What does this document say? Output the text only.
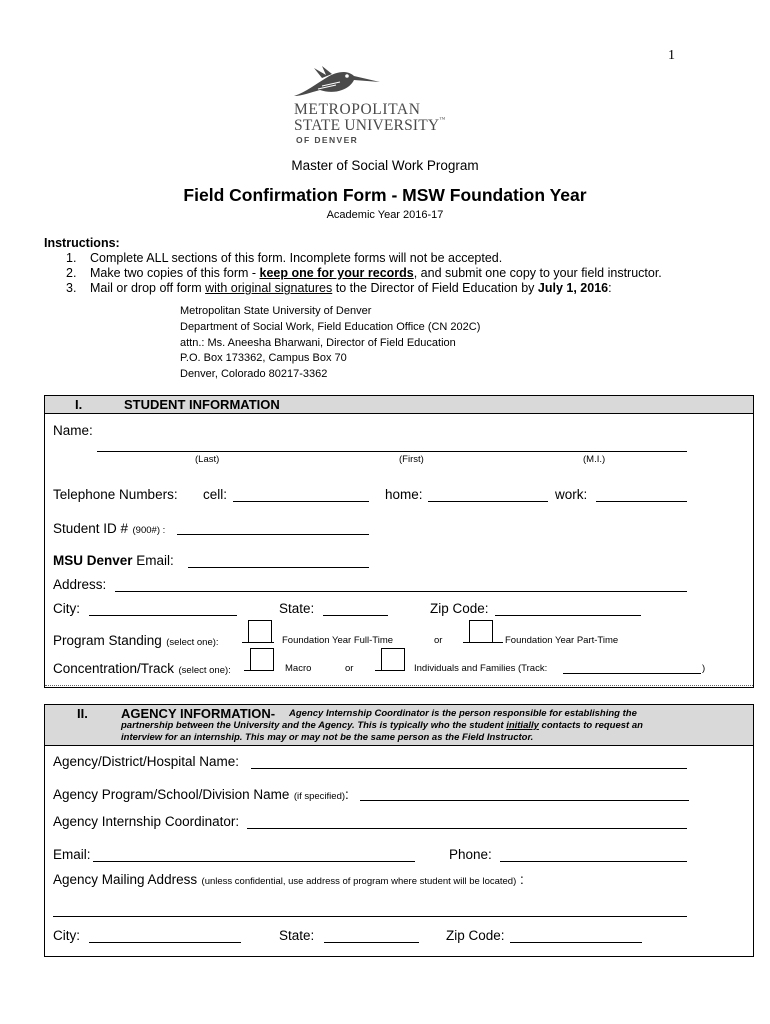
1
METROPOLITAN
STATE UNIVERSITY™
OF DENVER
Master of Social Work Program
Field Confirmation Form - MSW Foundation Year
Academic Year 2016-17
Instructions:
1. Complete ALL sections of this form. Incomplete forms will not be accepted.
2. Make two copies of this form - keep one for your records, and submit one copy to your field instructor.
3. Mail or drop off form with original signatures to the Director of Field Education by July 1, 2016:
Metropolitan State University of Denver
Department of Social Work, Field Education Office (CN 202C)
attn.: Ms. Aneesha Bharwani, Director of Field Education
P.O. Box 173362, Campus Box 70
Denver, Colorado 80217-3362
I.	STUDENT INFORMATION
Name:
(Last)	(First)	(M.I.)
Telephone Numbers: cell:	home:	work:
Student ID # (900#) :
MSU Denver Email:
Address:
City:	State:	Zip Code:
Program Standing (select one):	Foundation Year Full-Time	or	Foundation Year Part-Time
Concentration/Track (select one):	Macro	or	Individuals and Families (Track:	)
II.	AGENCY INFORMATION- Agency Internship Coordinator is the person responsible for establishing the
partnership between the University and the Agency. This is typically who the student initially contacts to request an
interview for an internship. This may or may not be the same person as the Field Instructor.
Agency/District/Hospital Name:
Agency Program/School/Division Name (if specified):
Agency Internship Coordinator:
Email:	Phone:
Agency Mailing Address (unless confidential, use address of program where student will be located) :
City:	State:	Zip Code:
